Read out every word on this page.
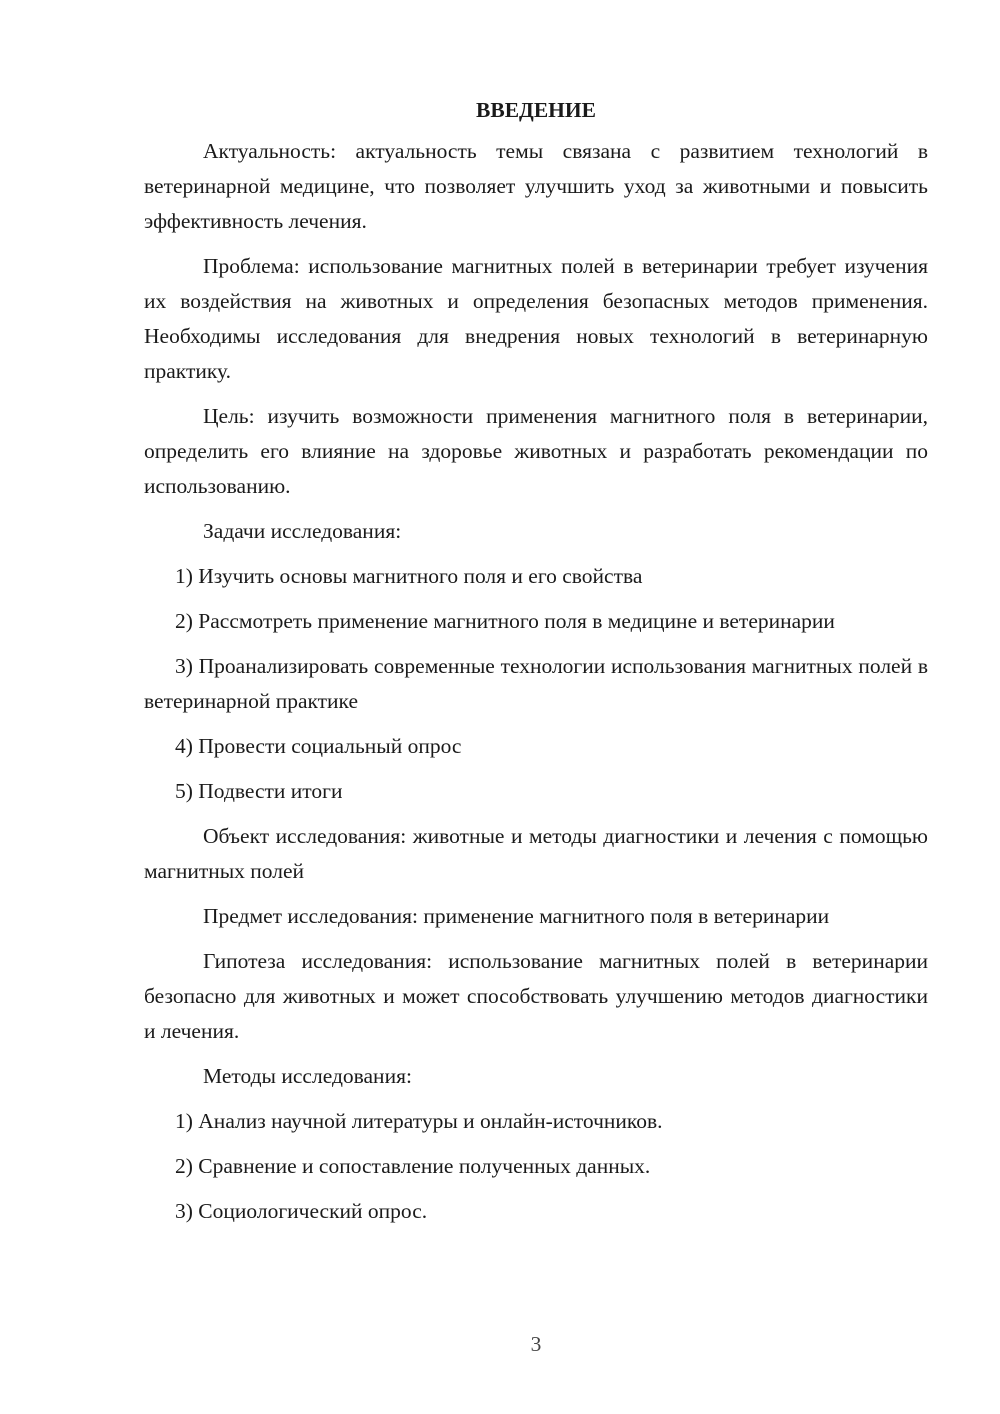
ВВЕДЕНИЕ

Актуальность: актуальность темы связана с развитием технологий в ветеринарной медицине, что позволяет улучшить уход за животными и повысить эффективность лечения.

Проблема: использование магнитных полей в ветеринарии требует изучения их воздействия на животных и определения безопасных методов применения. Необходимы исследования для внедрения новых технологий в ветеринарную практику.

Цель: изучить возможности применения магнитного поля в ветеринарии, определить его влияние на здоровье животных и разработать рекомендации по использованию.

Задачи исследования:

1) Изучить основы магнитного поля и его свойства

2) Рассмотреть применение магнитного поля в медицине и ветеринарии

3) Проанализировать современные технологии использования магнитных полей в ветеринарной практике

4) Провести социальный опрос

5) Подвести итоги

Объект исследования: животные и методы диагностики и лечения с помощью магнитных полей

Предмет исследования: применение магнитного поля в ветеринарии

Гипотеза исследования: использование магнитных полей в ветеринарии безопасно для животных и может способствовать улучшению методов диагностики и лечения.

Методы исследования:

1) Анализ научной литературы и онлайн-источников.

2) Сравнение и сопоставление полученных данных.

3) Социологический опрос.

3
